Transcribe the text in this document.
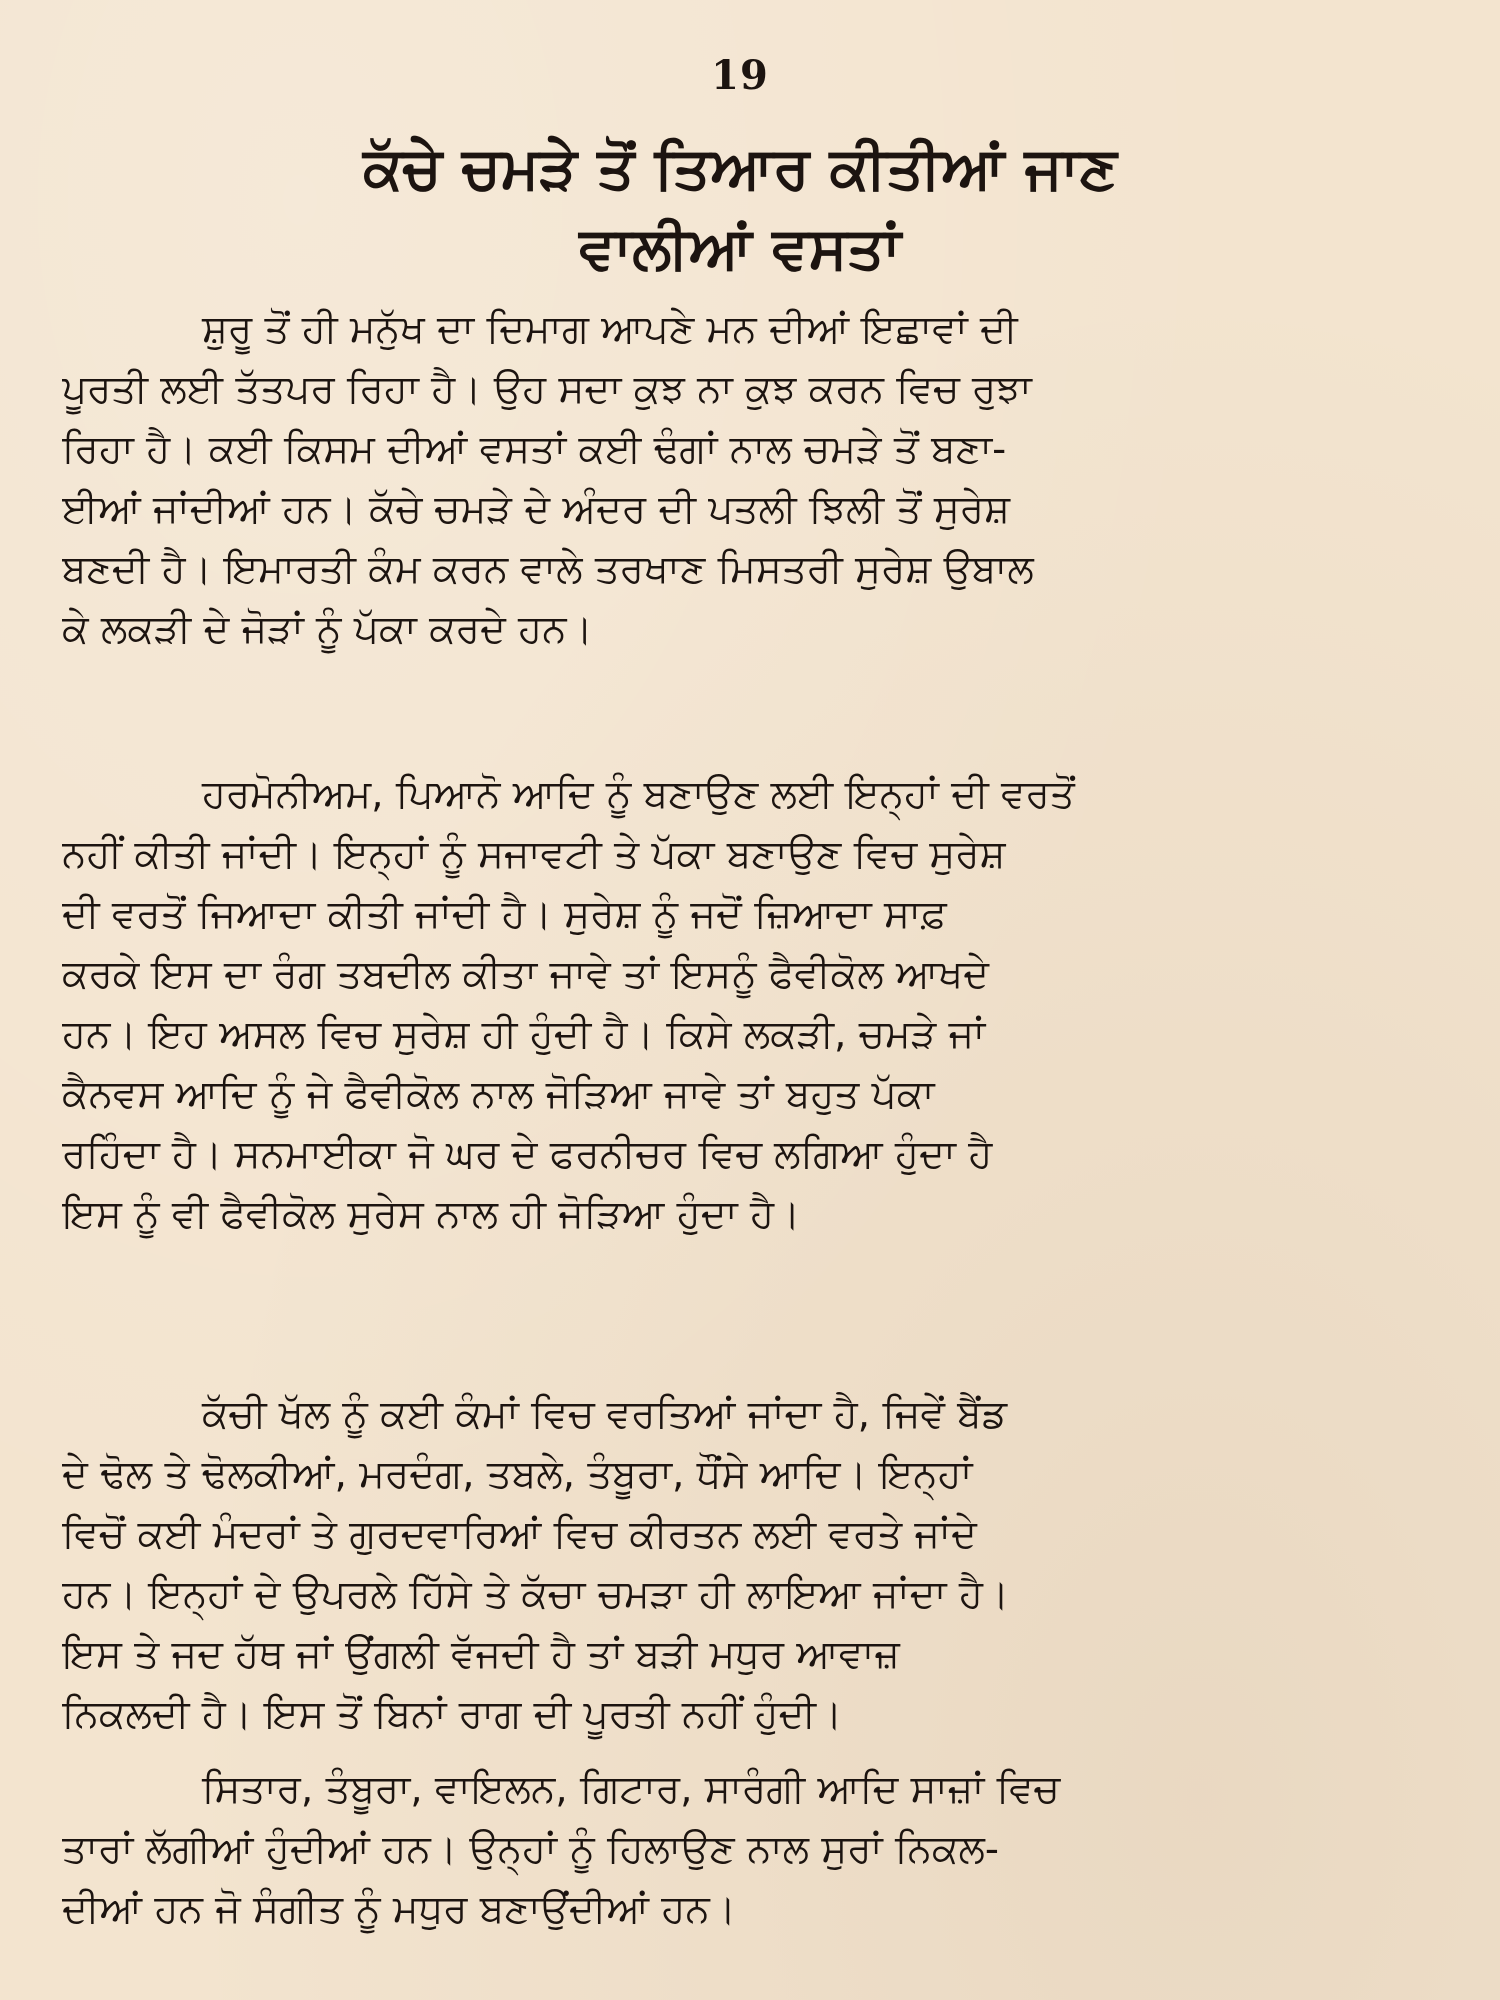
19
ਕੱਚੇ ਚਮੜੇ ਤੋਂ ਤਿਆਰ ਕੀਤੀਆਂ ਜਾਣ
ਵਾਲੀਆਂ ਵਸਤਾਂ

ਸ਼ੁਰੂ ਤੋਂ ਹੀ ਮਨੁੱਖ ਦਾ ਦਿਮਾਗ ਆਪਣੇ ਮਨ ਦੀਆਂ ਇਛਾਵਾਂ ਦੀ
ਪੂਰਤੀ ਲਈ ਤੱਤਪਰ ਰਿਹਾ ਹੈ। ਉਹ ਸਦਾ ਕੁਝ ਨਾ ਕੁਝ ਕਰਨ ਵਿਚ ਰੁਝਾ
ਰਿਹਾ ਹੈ। ਕਈ ਕਿਸਮ ਦੀਆਂ ਵਸਤਾਂ ਕਈ ਢੰਗਾਂ ਨਾਲ ਚਮੜੇ ਤੋਂ ਬਣਾ-
ਈਆਂ ਜਾਂਦੀਆਂ ਹਨ। ਕੱਚੇ ਚਮੜੇ ਦੇ ਅੰਦਰ ਦੀ ਪਤਲੀ ਝਿਲੀ ਤੋਂ ਸੁਰੇਸ਼
ਬਣਦੀ ਹੈ। ਇਮਾਰਤੀ ਕੰਮ ਕਰਨ ਵਾਲੇ ਤਰਖਾਣ ਮਿਸਤਰੀ ਸੁਰੇਸ਼ ਉਬਾਲ
ਕੇ ਲਕੜੀ ਦੇ ਜੋੜਾਂ ਨੂੰ ਪੱਕਾ ਕਰਦੇ ਹਨ।

ਹਰਮੋਨੀਅਮ, ਪਿਆਨੋ ਆਦਿ ਨੂੰ ਬਣਾਉਣ ਲਈ ਇਨ੍ਹਾਂ ਦੀ ਵਰਤੋਂ
ਨਹੀਂ ਕੀਤੀ ਜਾਂਦੀ। ਇਨ੍ਹਾਂ ਨੂੰ ਸਜਾਵਟੀ ਤੇ ਪੱਕਾ ਬਣਾਉਣ ਵਿਚ ਸੁਰੇਸ਼
ਦੀ ਵਰਤੋਂ ਜਿਆਦਾ ਕੀਤੀ ਜਾਂਦੀ ਹੈ। ਸੁਰੇਸ਼ ਨੂੰ ਜਦੋਂ ਜ਼ਿਆਦਾ ਸਾਫ਼
ਕਰਕੇ ਇਸ ਦਾ ਰੰਗ ਤਬਦੀਲ ਕੀਤਾ ਜਾਵੇ ਤਾਂ ਇਸਨੂੰ ਫੈਵੀਕੋਲ ਆਖਦੇ
ਹਨ। ਇਹ ਅਸਲ ਵਿਚ ਸੁਰੇਸ਼ ਹੀ ਹੁੰਦੀ ਹੈ। ਕਿਸੇ ਲਕੜੀ, ਚਮੜੇ ਜਾਂ
ਕੈਨਵਸ ਆਦਿ ਨੂੰ ਜੇ ਫੈਵੀਕੋਲ ਨਾਲ ਜੋੜਿਆ ਜਾਵੇ ਤਾਂ ਬਹੁਤ ਪੱਕਾ
ਰਹਿੰਦਾ ਹੈ। ਸਨਮਾਈਕਾ ਜੋ ਘਰ ਦੇ ਫਰਨੀਚਰ ਵਿਚ ਲਗਿਆ ਹੁੰਦਾ ਹੈ
ਇਸ ਨੂੰ ਵੀ ਫੈਵੀਕੋਲ ਸੁਰੇਸ ਨਾਲ ਹੀ ਜੋੜਿਆ ਹੁੰਦਾ ਹੈ।

ਕੱਚੀ ਖੱਲ ਨੂੰ ਕਈ ਕੰਮਾਂ ਵਿਚ ਵਰਤਿਆਂ ਜਾਂਦਾ ਹੈ, ਜਿਵੇਂ ਬੈਂਡ
ਦੇ ਢੋਲ ਤੇ ਢੋਲਕੀਆਂ, ਮਰਦੰਗ, ਤਬਲੇ, ਤੰਬੂਰਾ, ਧੌਂਸੇ ਆਦਿ। ਇਨ੍ਹਾਂ
ਵਿਚੋਂ ਕਈ ਮੰਦਰਾਂ ਤੇ ਗੁਰਦਵਾਰਿਆਂ ਵਿਚ ਕੀਰਤਨ ਲਈ ਵਰਤੇ ਜਾਂਦੇ
ਹਨ। ਇਨ੍ਹਾਂ ਦੇ ਉਪਰਲੇ ਹਿੱਸੇ ਤੇ ਕੱਚਾ ਚਮੜਾ ਹੀ ਲਾਇਆ ਜਾਂਦਾ ਹੈ।
ਇਸ ਤੇ ਜਦ ਹੱਥ ਜਾਂ ਉਂਗਲੀ ਵੱਜਦੀ ਹੈ ਤਾਂ ਬੜੀ ਮਧੁਰ ਆਵਾਜ਼
ਨਿਕਲਦੀ ਹੈ। ਇਸ ਤੋਂ ਬਿਨਾਂ ਰਾਗ ਦੀ ਪੂਰਤੀ ਨਹੀਂ ਹੁੰਦੀ।

ਸਿਤਾਰ, ਤੰਬੂਰਾ, ਵਾਇਲਨ, ਗਿਟਾਰ, ਸਾਰੰਗੀ ਆਦਿ ਸਾਜ਼ਾਂ ਵਿਚ
ਤਾਰਾਂ ਲੱਗੀਆਂ ਹੁੰਦੀਆਂ ਹਨ। ਉਨ੍ਹਾਂ ਨੂੰ ਹਿਲਾਉਣ ਨਾਲ ਸੁਰਾਂ ਨਿਕਲ-
ਦੀਆਂ ਹਨ ਜੋ ਸੰਗੀਤ ਨੂੰ ਮਧੁਰ ਬਣਾਉਂਦੀਆਂ ਹਨ।
